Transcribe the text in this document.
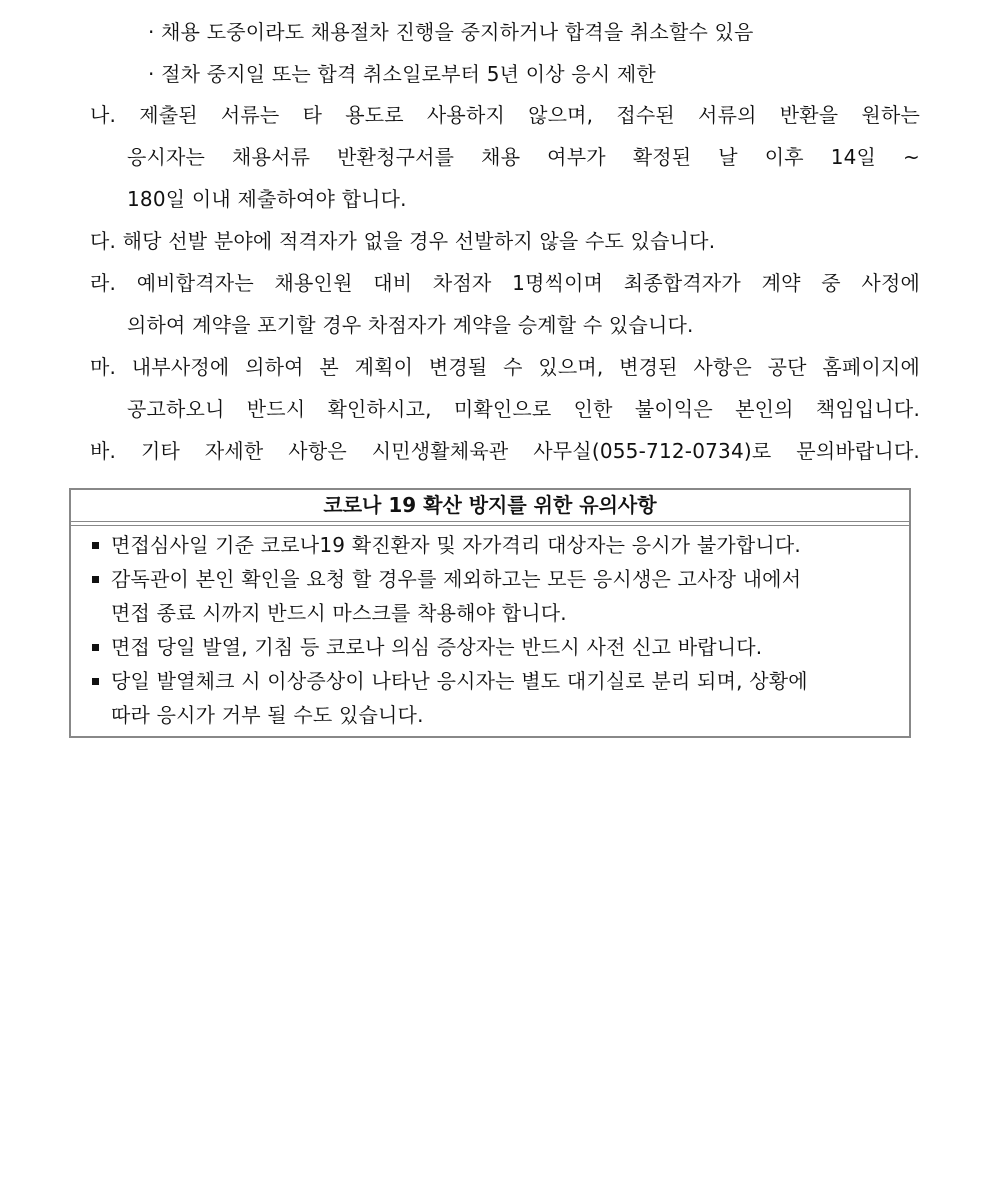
· 채용 도중이라도 채용절차 진행을 중지하거나 합격을 취소할수 있음
· 절차 중지일 또는 합격 취소일로부터 5년 이상 응시 제한
나. 제출된 서류는 타 용도로 사용하지 않으며, 접수된 서류의 반환을 원하는
응시자는 채용서류 반환청구서를 채용 여부가 확정된 날 이후 14일 ~
180일 이내 제출하여야 합니다.
다. 해당 선발 분야에 적격자가 없을 경우 선발하지 않을 수도 있습니다.
라. 예비합격자는 채용인원 대비 차점자 1명씩이며 최종합격자가 계약 중 사정에
의하여 계약을 포기할 경우 차점자가 계약을 승계할 수 있습니다.
마. 내부사정에 의하여 본 계획이 변경될 수 있으며, 변경된 사항은 공단 홈페이지에
공고하오니 반드시 확인하시고, 미확인으로 인한 불이익은 본인의 책임입니다.
바. 기타 자세한 사항은 시민생활체육관 사무실(055-712-0734)로 문의바랍니다.
코로나 19 확산 방지를 위한 유의사항
면접심사일 기준 코로나19 확진환자 및 자가격리 대상자는 응시가 불가합니다.
감독관이 본인 확인을 요청 할 경우를 제외하고는 모든 응시생은 고사장 내에서
면접 종료 시까지 반드시 마스크를 착용해야 합니다.
면접 당일 발열, 기침 등 코로나 의심 증상자는 반드시 사전 신고 바랍니다.
당일 발열체크 시 이상증상이 나타난 응시자는 별도 대기실로 분리 되며, 상황에
따라 응시가 거부 될 수도 있습니다.
